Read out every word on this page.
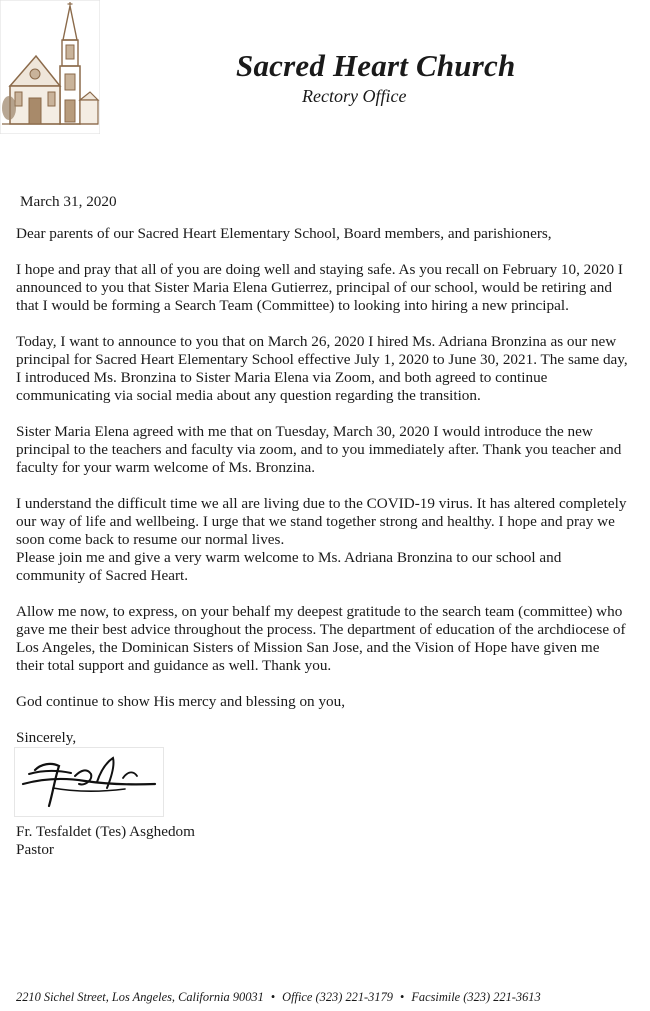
Sacred Heart Church
Rectory Office

March 31, 2020

Dear parents of our Sacred Heart Elementary School, Board members, and parishioners,

I hope and pray that all of you are doing well and staying safe. As you recall on February 10, 2020 I announced to you that Sister Maria Elena Gutierrez, principal of our school, would be retiring and that I would be forming a Search Team (Committee) to looking into hiring a new principal.

Today, I want to announce to you that on March 26, 2020 I hired Ms. Adriana Bronzina as our new principal for Sacred Heart Elementary School effective July 1, 2020 to June 30, 2021. The same day, I introduced Ms. Bronzina to Sister Maria Elena via Zoom, and both agreed to continue communicating via social media about any question regarding the transition.

Sister Maria Elena agreed with me that on Tuesday, March 30, 2020 I would introduce the new principal to the teachers and faculty via zoom, and to you immediately after. Thank you teacher and faculty for your warm welcome of Ms. Bronzina.

I understand the difficult time we all are living due to the COVID-19 virus. It has altered completely our way of life and wellbeing. I urge that we stand together strong and healthy. I hope and pray we soon come back to resume our normal lives.

Please join me and give a very warm welcome to Ms. Adriana Bronzina to our school and community of Sacred Heart.

Allow me now, to express, on your behalf my deepest gratitude to the search team (committee) who gave me their best advice throughout the process. The department of education of the archdiocese of Los Angeles, the Dominican Sisters of Mission San Jose, and the Vision of Hope have given me their total support and guidance as well. Thank you.

God continue to show His mercy and blessing on you,

Sincerely,

Fr. Tesfaldet (Tes) Asghedom

Pastor

2210 Sichel Street, Los Angeles, California 90031 • Office (323) 221-3179 • Facsimile (323) 221-3613
